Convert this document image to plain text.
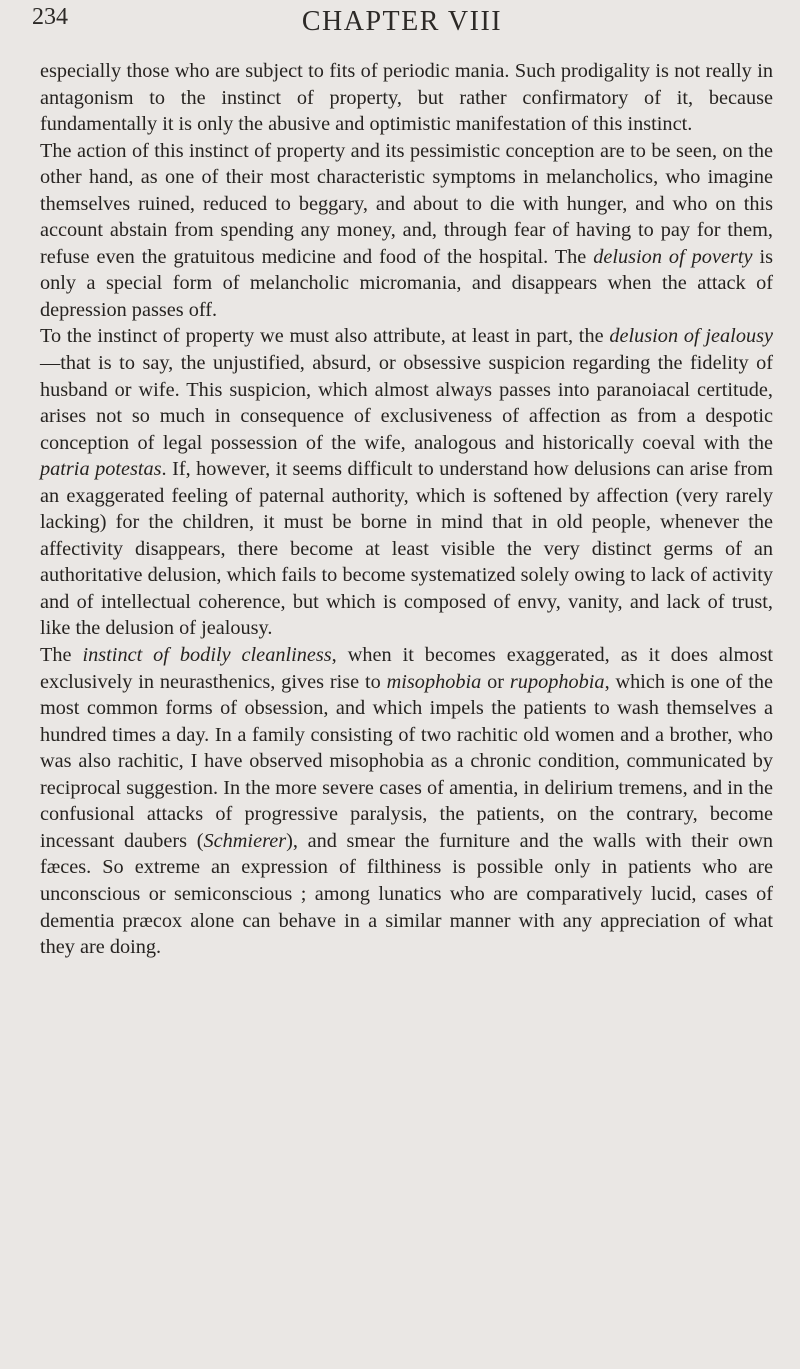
234	CHAPTER VIII

especially those who are subject to fits of periodic mania. Such prodigality is not really in antagonism to the instinct of property, but rather confirmatory of it, because fundamentally it is only the abusive and optimistic manifestation of this instinct.

The action of this instinct of property and its pessimistic conception are to be seen, on the other hand, as one of their most characteristic symptoms in melancholics, who imagine themselves ruined, reduced to beggary, and about to die with hunger, and who on this account abstain from spending any money, and, through fear of having to pay for them, refuse even the gratuitous medicine and food of the hospital. The delusion of poverty is only a special form of melancholic micromania, and disappears when the attack of depression passes off.

To the instinct of property we must also attribute, at least in part, the delusion of jealousy—that is to say, the unjustified, absurd, or obsessive suspicion regarding the fidelity of husband or wife. This suspicion, which almost always passes into paranoiacal certitude, arises not so much in consequence of exclusiveness of affection as from a despotic conception of legal possession of the wife, analogous and historically coeval with the patria potestas. If, however, it seems difficult to understand how delusions can arise from an exaggerated feeling of paternal authority, which is softened by affection (very rarely lacking) for the children, it must be borne in mind that in old people, whenever the affectivity disappears, there become at least visible the very distinct germs of an authoritative delusion, which fails to become systematized solely owing to lack of activity and of intellectual coherence, but which is composed of envy, vanity, and lack of trust, like the delusion of jealousy.

The instinct of bodily cleanliness, when it becomes exaggerated, as it does almost exclusively in neurasthenics, gives rise to misophobia or rupophobia, which is one of the most common forms of obsession, and which impels the patients to wash themselves a hundred times a day. In a family consisting of two rachitic old women and a brother, who was also rachitic, I have observed misophobia as a chronic condition, communicated by reciprocal suggestion. In the more severe cases of amentia, in delirium tremens, and in the confusional attacks of progressive paralysis, the patients, on the contrary, become incessant daubers (Schmierer), and smear the furniture and the walls with their own fæces. So extreme an expression of filthiness is possible only in patients who are unconscious or semiconscious ; among lunatics who are comparatively lucid, cases of dementia præcox alone can behave in a similar manner with any appreciation of what they are doing.
